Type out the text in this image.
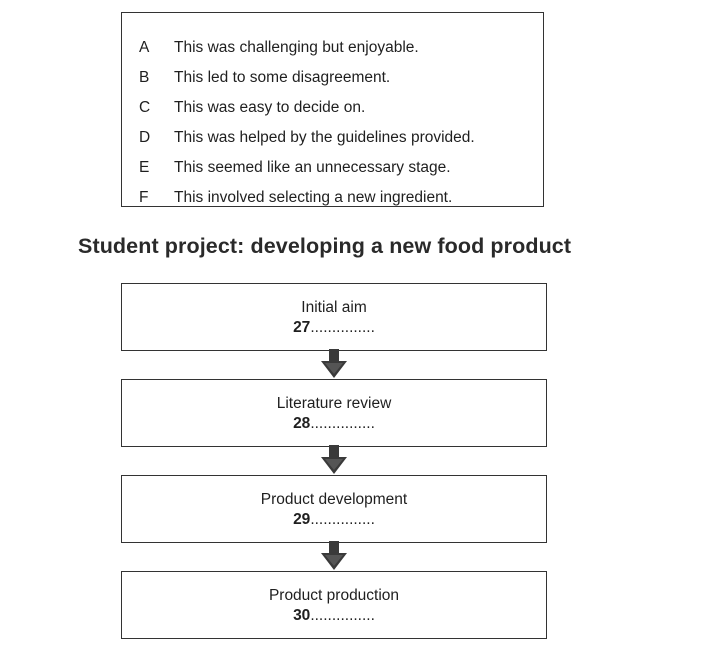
A	This was challenging but enjoyable.
B	This led to some disagreement.
C	This was easy to decide on.
D	This was helped by the guidelines provided.
E	This seemed like an unnecessary stage.
F	This involved selecting a new ingredient.
Student project: developing a new food product
Initial aim
27...............
Literature review
28...............
Product development
29...............
Product production
30...............
